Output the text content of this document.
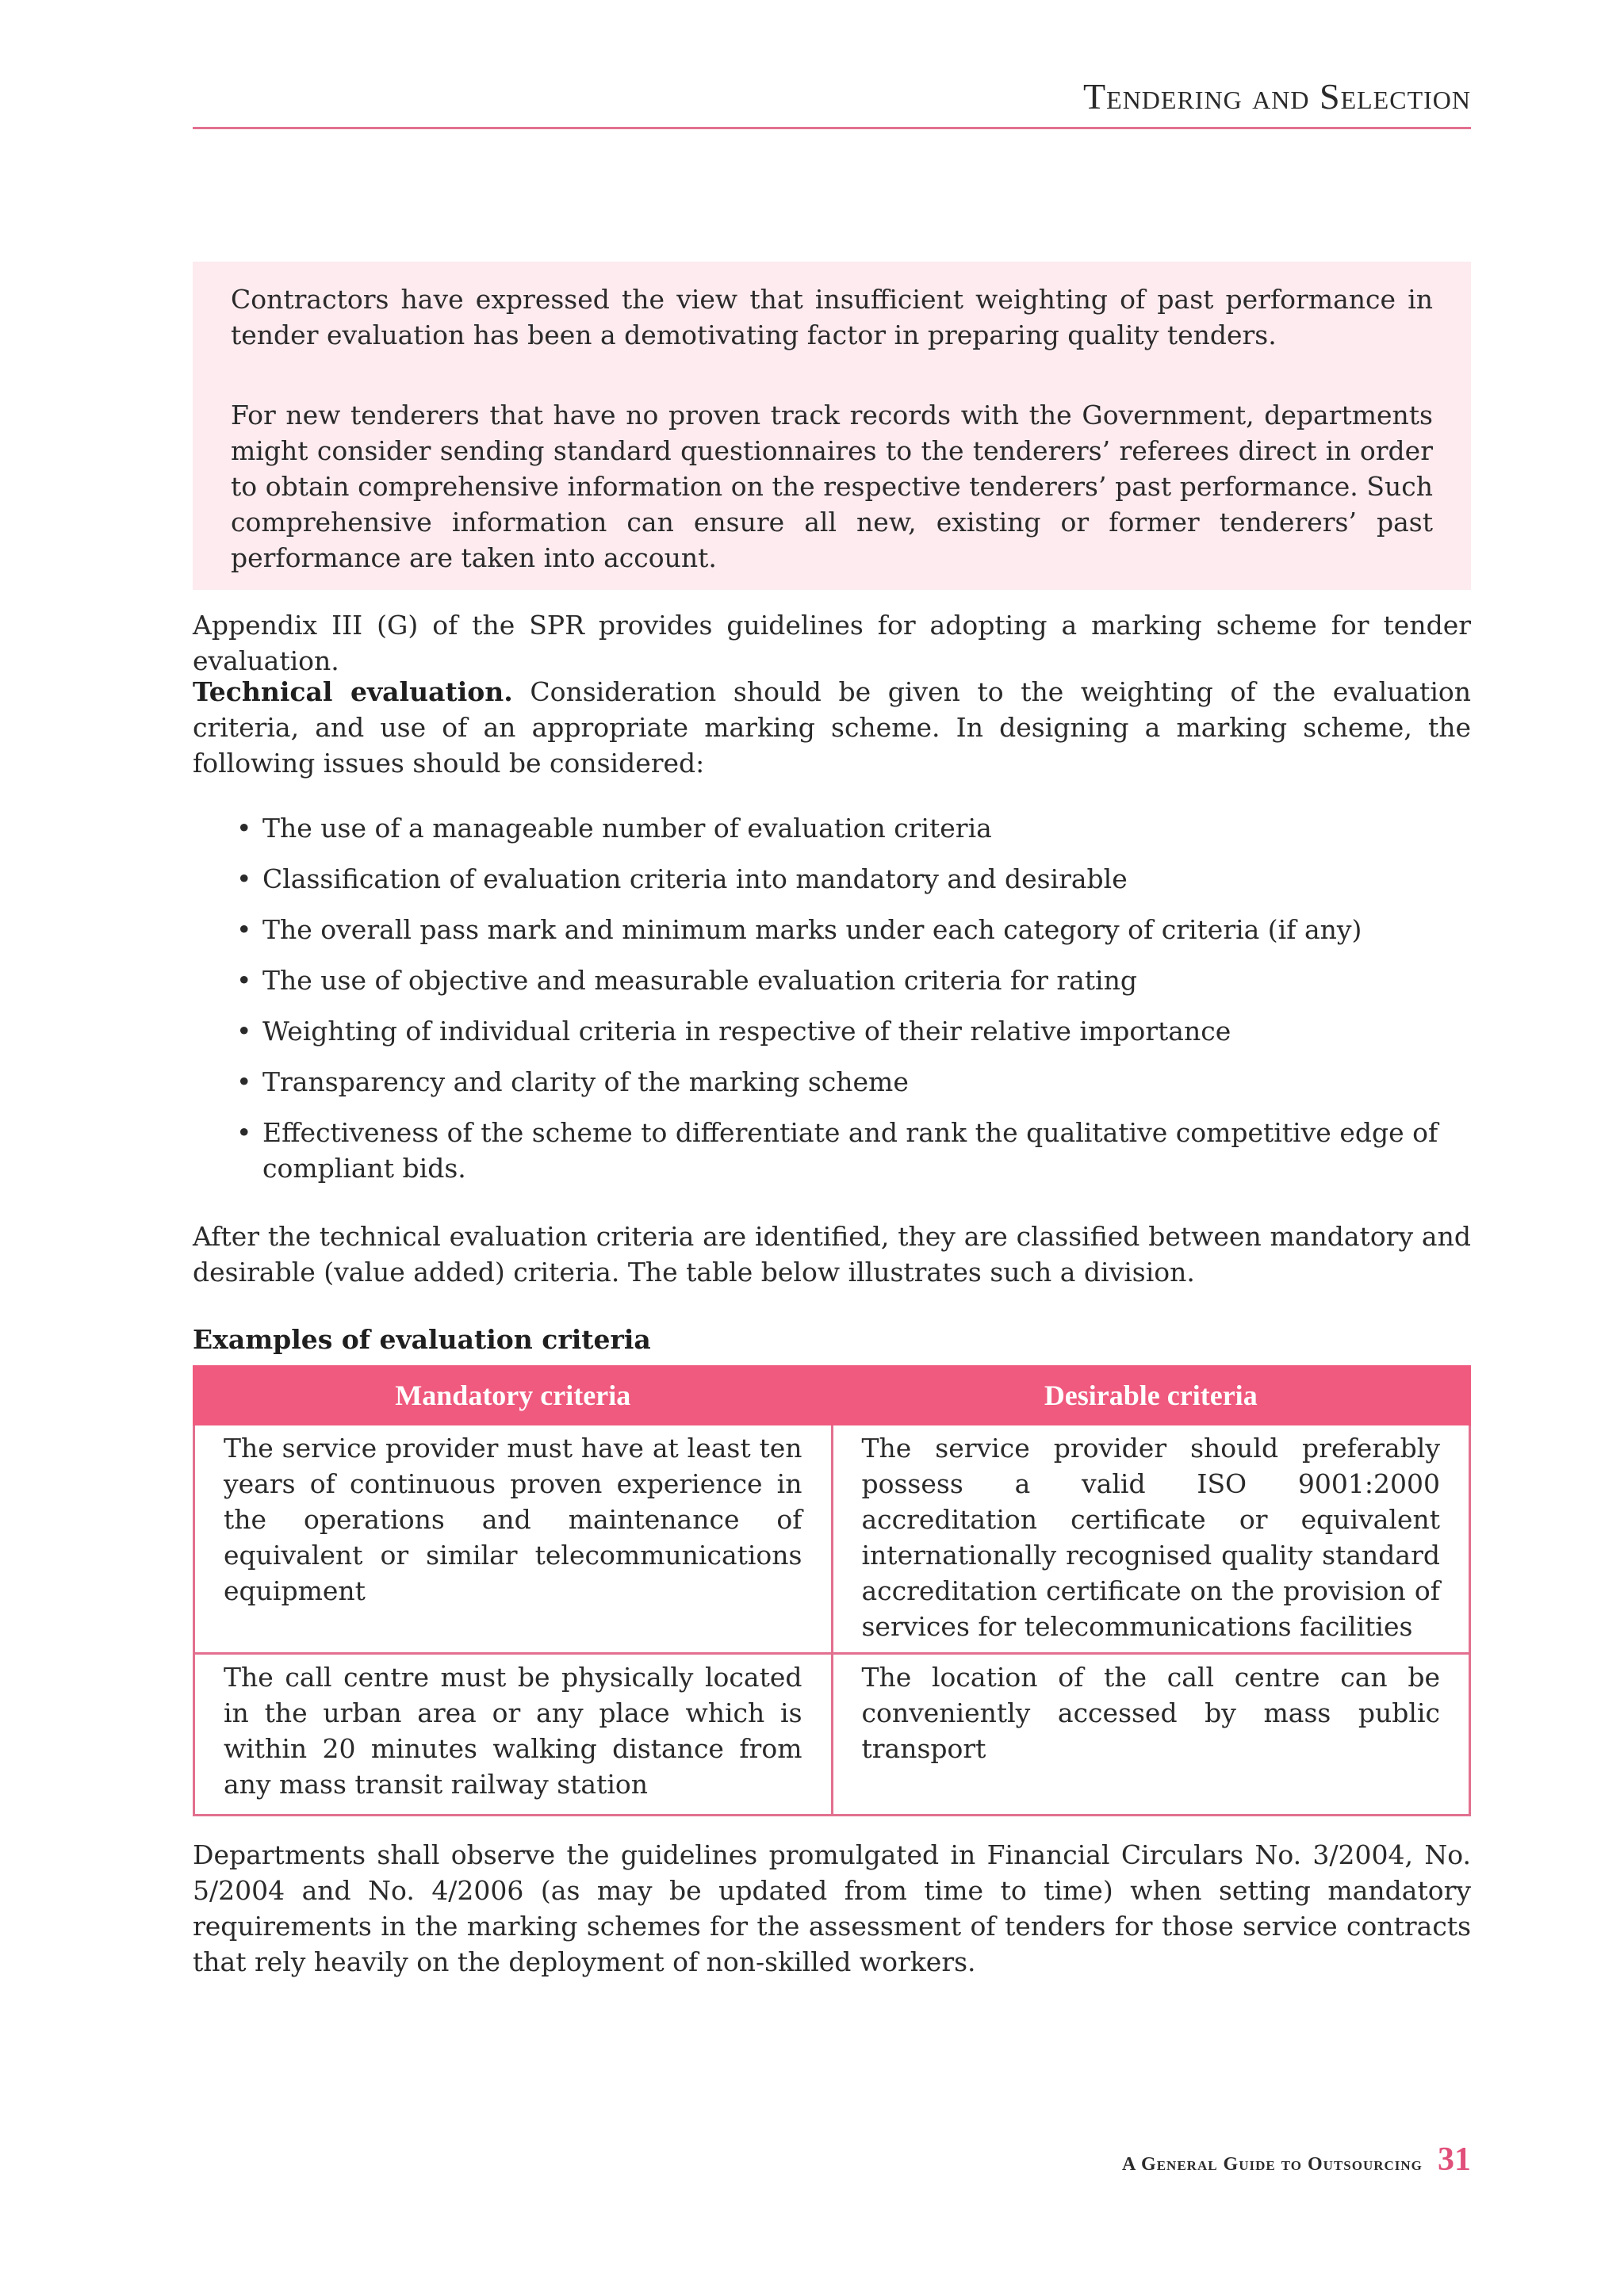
Tendering and Selection

Contractors have expressed the view that insufficient weighting of past performance in tender evaluation has been a demotivating factor in preparing quality tenders.

For new tenderers that have no proven track records with the Government, departments might consider sending standard questionnaires to the tenderers’ referees direct in order to obtain comprehensive information on the respective tenderers’ past performance. Such comprehensive information can ensure all new, existing or former tenderers’ past performance are taken into account.

Appendix III (G) of the SPR provides guidelines for adopting a marking scheme for tender evaluation.

Technical evaluation. Consideration should be given to the weighting of the evaluation criteria, and use of an appropriate marking scheme. In designing a marking scheme, the following issues should be considered:

• The use of a manageable number of evaluation criteria
• Classification of evaluation criteria into mandatory and desirable
• The overall pass mark and minimum marks under each category of criteria (if any)
• The use of objective and measurable evaluation criteria for rating
• Weighting of individual criteria in respective of their relative importance
• Transparency and clarity of the marking scheme
• Effectiveness of the scheme to differentiate and rank the qualitative competitive edge of compliant bids.

After the technical evaluation criteria are identified, they are classified between mandatory and desirable (value added) criteria. The table below illustrates such a division.

Examples of evaluation criteria

Mandatory criteria	Desirable criteria
The service provider must have at least ten years of continuous proven experience in the operations and maintenance of equivalent or similar telecommunications equipment	The service provider should preferably possess a valid ISO 9001:2000 accreditation certificate or equivalent internationally recognised quality standard accreditation certificate on the provision of services for telecommunications facilities
The call centre must be physically located in the urban area or any place which is within 20 minutes walking distance from any mass transit railway station	The location of the call centre can be conveniently accessed by mass public transport

Departments shall observe the guidelines promulgated in Financial Circulars No. 3/2004, No. 5/2004 and No. 4/2006 (as may be updated from time to time) when setting mandatory requirements in the marking schemes for the assessment of tenders for those service contracts that rely heavily on the deployment of non-skilled workers.

A General Guide to Outsourcing 31
